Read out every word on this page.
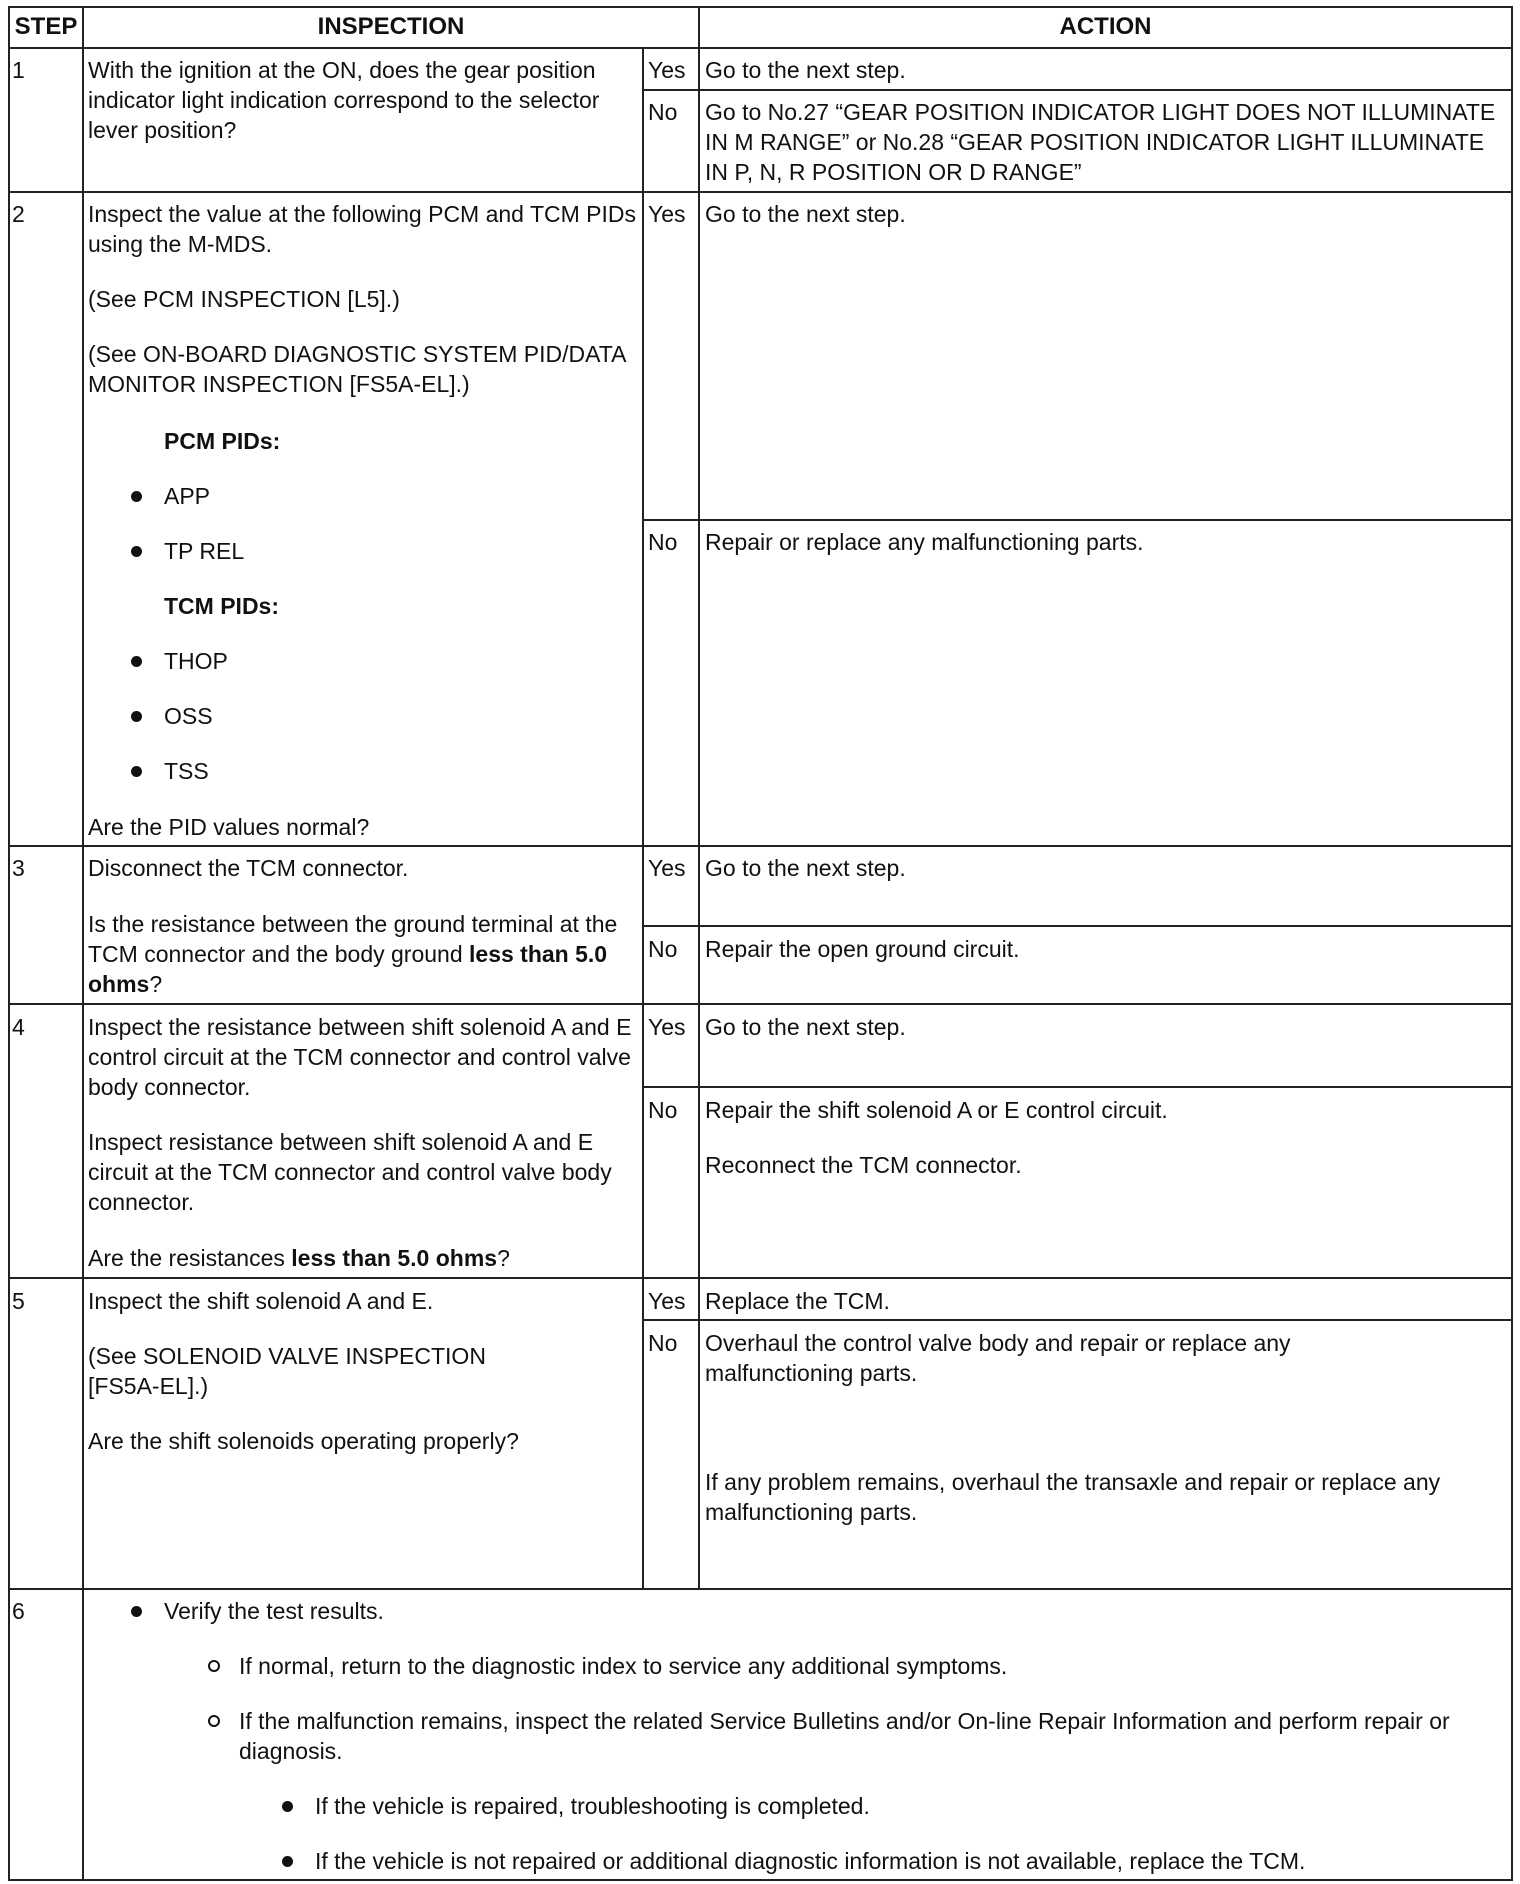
STEP	INSPECTION	ACTION
1	With the ignition at the ON, does the gear position indicator light indication correspond to the selector lever position?
Yes Go to the next step.
No Go to No.27 “GEAR POSITION INDICATOR LIGHT DOES NOT ILLUMINATE IN M RANGE” or No.28 “GEAR POSITION INDICATOR LIGHT ILLUMINATE IN P, N, R POSITION OR D RANGE”
2	Inspect the value at the following PCM and TCM PIDs using the M-MDS.
(See PCM INSPECTION [L5].)
(See ON-BOARD DIAGNOSTIC SYSTEM PID/DATA MONITOR INSPECTION [FS5A-EL].)
PCM PIDs:
APP
TP REL
TCM PIDs:
THOP
OSS
TSS
Are the PID values normal?
Yes Go to the next step.
No Repair or replace any malfunctioning parts.
3	Disconnect the TCM connector.
Is the resistance between the ground terminal at the TCM connector and the body ground less than 5.0 ohms?
Yes Go to the next step.
No Repair the open ground circuit.
4	Inspect the resistance between shift solenoid A and E control circuit at the TCM connector and control valve body connector.
Inspect resistance between shift solenoid A and E circuit at the TCM connector and control valve body connector.
Are the resistances less than 5.0 ohms?
Yes Go to the next step.
No Repair the shift solenoid A or E control circuit.
Reconnect the TCM connector.
5	Inspect the shift solenoid A and E.
(See SOLENOID VALVE INSPECTION [FS5A-EL].)
Are the shift solenoids operating properly?
Yes Replace the TCM.
No Overhaul the control valve body and repair or replace any malfunctioning parts.
If any problem remains, overhaul the transaxle and repair or replace any malfunctioning parts.
6	Verify the test results.
If normal, return to the diagnostic index to service any additional symptoms.
If the malfunction remains, inspect the related Service Bulletins and/or On-line Repair Information and perform repair or diagnosis.
If the vehicle is repaired, troubleshooting is completed.
If the vehicle is not repaired or additional diagnostic information is not available, replace the TCM.
